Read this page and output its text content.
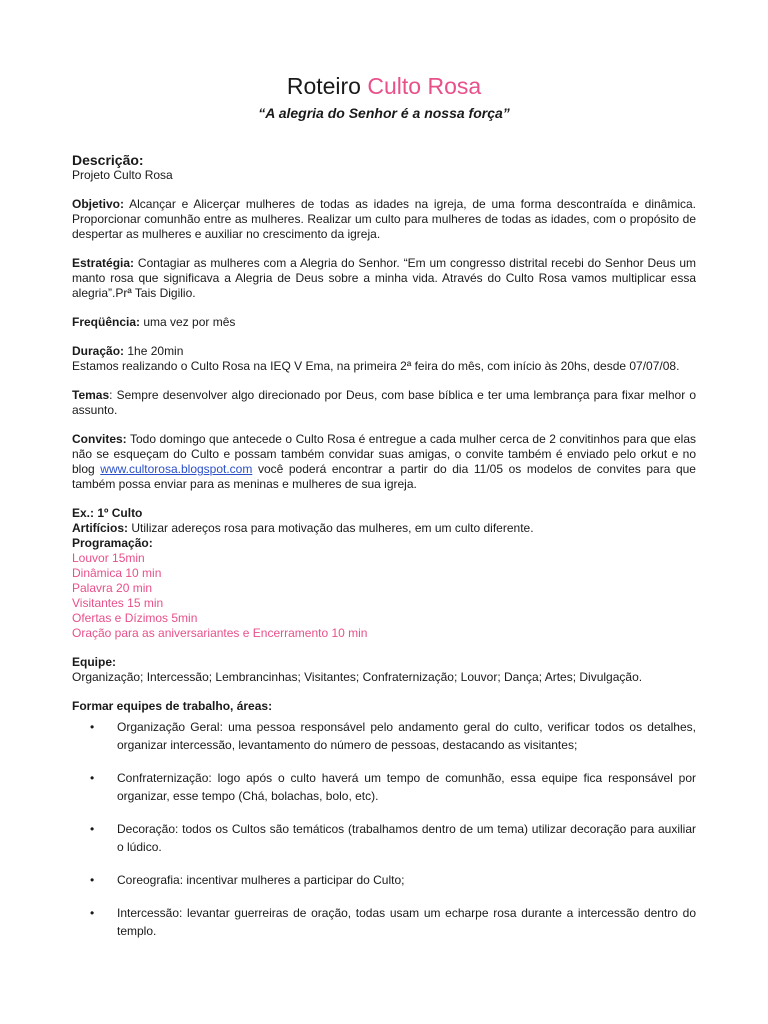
Roteiro Culto Rosa

“A alegria do Senhor é a nossa força”

Descrição:
Projeto Culto Rosa
Objetivo: Alcançar e Alicerçar mulheres de todas as idades na igreja, de uma forma descontraída e dinâmica. Proporcionar comunhão entre as mulheres. Realizar um culto para mulheres de todas as idades, com o propósito de despertar as mulheres e auxiliar no crescimento da igreja.
Estratégia: Contagiar as mulheres com a Alegria do Senhor. “Em um congresso distrital recebi do Senhor Deus um manto rosa que significava a Alegria de Deus sobre a minha vida. Através do Culto Rosa vamos multiplicar essa alegria”.Prª Tais Digilio.
Freqüência: uma vez por mês
Duração: 1he 20min
Estamos realizando o Culto Rosa na IEQ V Ema, na primeira 2ª feira do mês, com início às 20hs, desde 07/07/08.
Temas: Sempre desenvolver algo direcionado por Deus, com base bíblica e ter uma lembrança para fixar melhor o assunto.
Convites: Todo domingo que antecede o Culto Rosa é entregue a cada mulher cerca de 2 convitinhos para que elas não se esqueçam do Culto e possam também convidar suas amigas, o convite também é enviado pelo orkut e no blog www.cultorosa.blogspot.com você poderá encontrar a partir do dia 11/05 os modelos de convites para que também possa enviar para as meninas e mulheres de sua igreja.
Ex.: 1º Culto
Artifícios: Utilizar adereços rosa para motivação das mulheres, em um culto diferente.
Programação:
Louvor 15min
Dinâmica 10 min
Palavra 20 min
Visitantes 15 min
Ofertas e Dízimos 5min
Oração para as aniversariantes e Encerramento 10 min
Equipe:
Organização; Intercessão; Lembrancinhas; Visitantes; Confraternização; Louvor; Dança; Artes; Divulgação.
Formar equipes de trabalho, áreas:
• Organização Geral: uma pessoa responsável pelo andamento geral do culto, verificar todos os detalhes, organizar intercessão, levantamento do número de pessoas, destacando as visitantes;
• Confraternização: logo após o culto haverá um tempo de comunhão, essa equipe fica responsável por organizar, esse tempo (Chá, bolachas, bolo, etc).
• Decoração: todos os Cultos são temáticos (trabalhamos dentro de um tema) utilizar decoração para auxiliar o lúdico.
• Coreografia: incentivar mulheres a participar do Culto;
• Intercessão: levantar guerreiras de oração, todas usam um echarpe rosa durante a intercessão dentro do templo.
